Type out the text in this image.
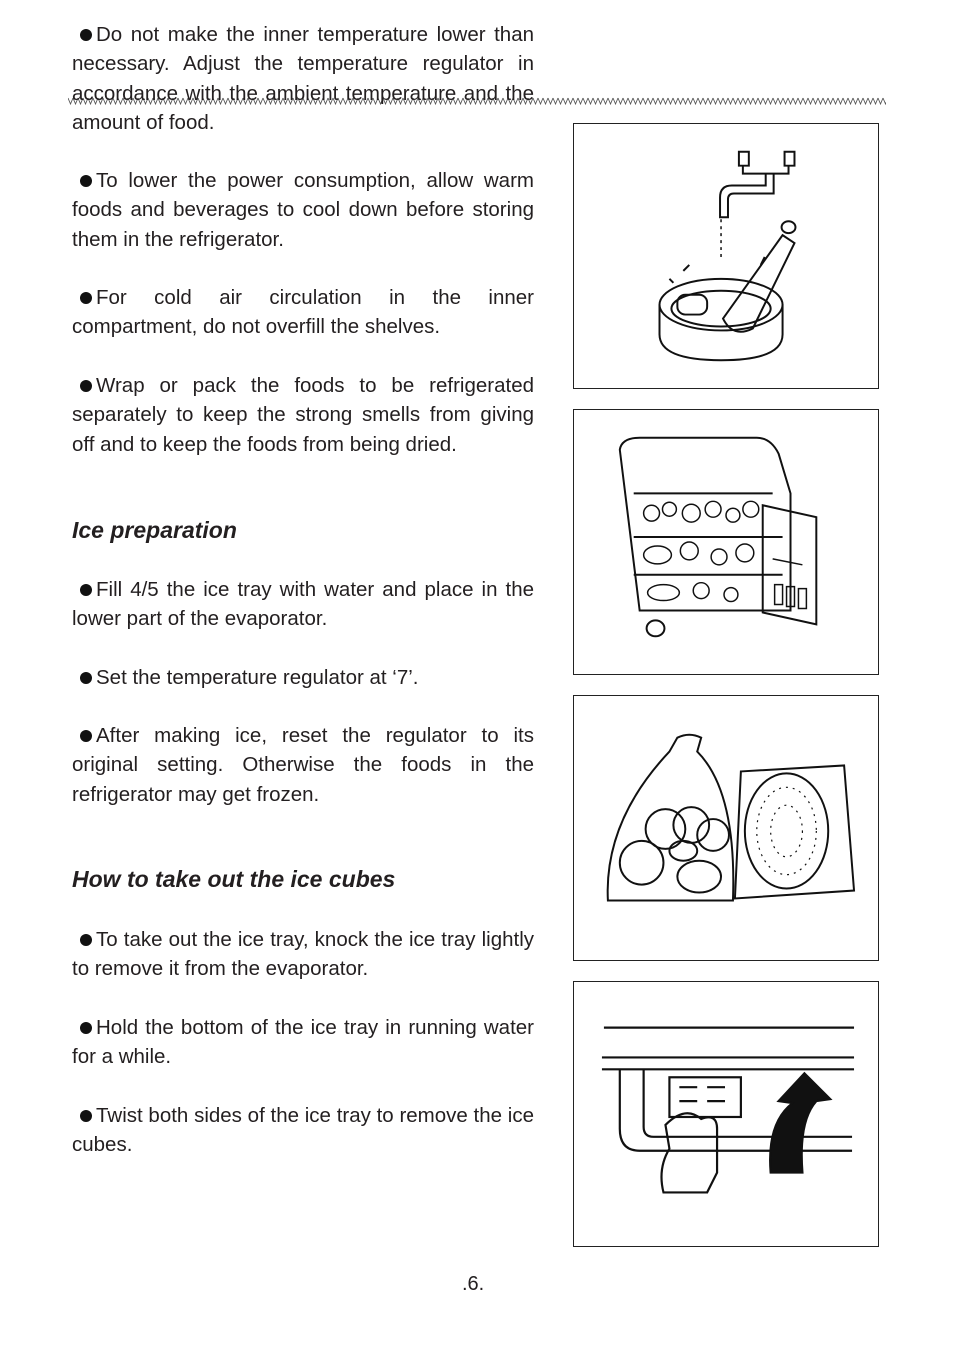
Do not make the inner temperature lower than necessary. Adjust the temperature regulator in accordance with the ambient temperature and the amount of food.

To lower the power consumption, allow warm foods and beverages to cool down before storing them in the refrigerator.

For cold air circulation in the inner compartment, do not overfill the shelves.

Wrap or pack the foods to be refrigerated separately to keep the strong smells from giving off and to keep the foods from being dried.

Ice preparation

Fill 4/5 the ice tray with water and place in the lower part of the evaporator.

Set the temperature regulator at ‘7’.

After making ice, reset the regulator to its original setting. Otherwise the foods in the refrigerator may get frozen.

How to take out the ice cubes

To take out the ice tray, knock the ice tray lightly to remove it from the evaporator.

Hold the bottom of the ice tray in running water for a while.

Twist both sides of the ice tray to remove the ice cubes.

.6.
